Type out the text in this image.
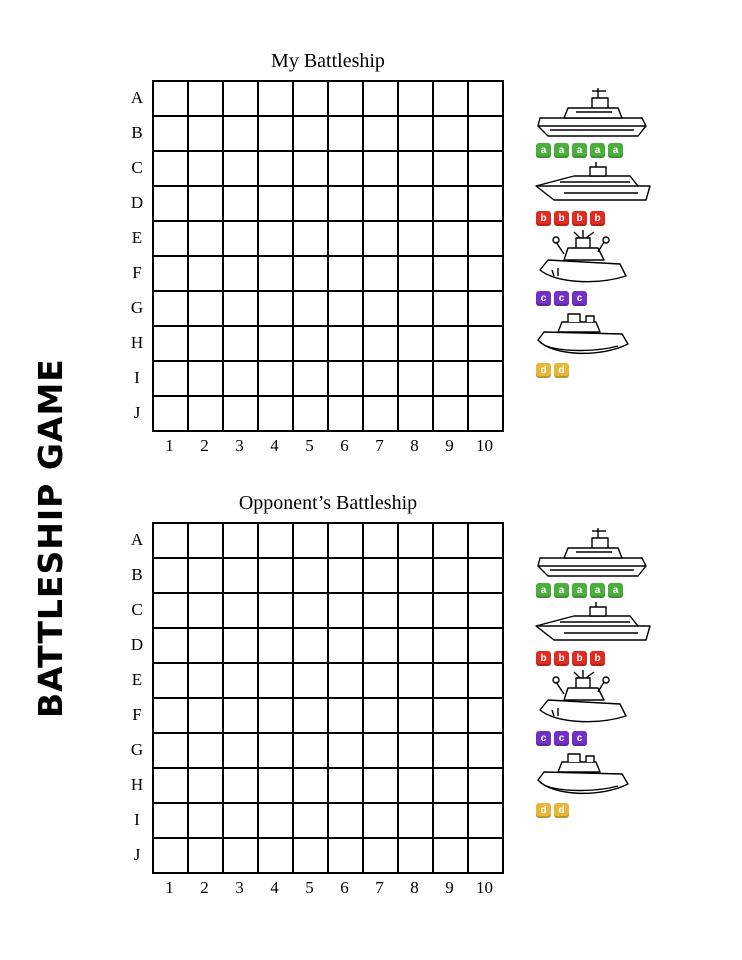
BATTLESHIP GAME
My Battleship
A
B
C
D
E
F
G
H
I
J
1	2	3	4	5	6	7	8	9	10
a	a	a	a	a
b	b	b	b
c	c	c
d	d
Opponent’s Battleship
A
B
C
D
E
F
G
H
I
J
1	2	3	4	5	6	7	8	9	10
a	a	a	a	a
b	b	b	b
c	c	c
d	d
